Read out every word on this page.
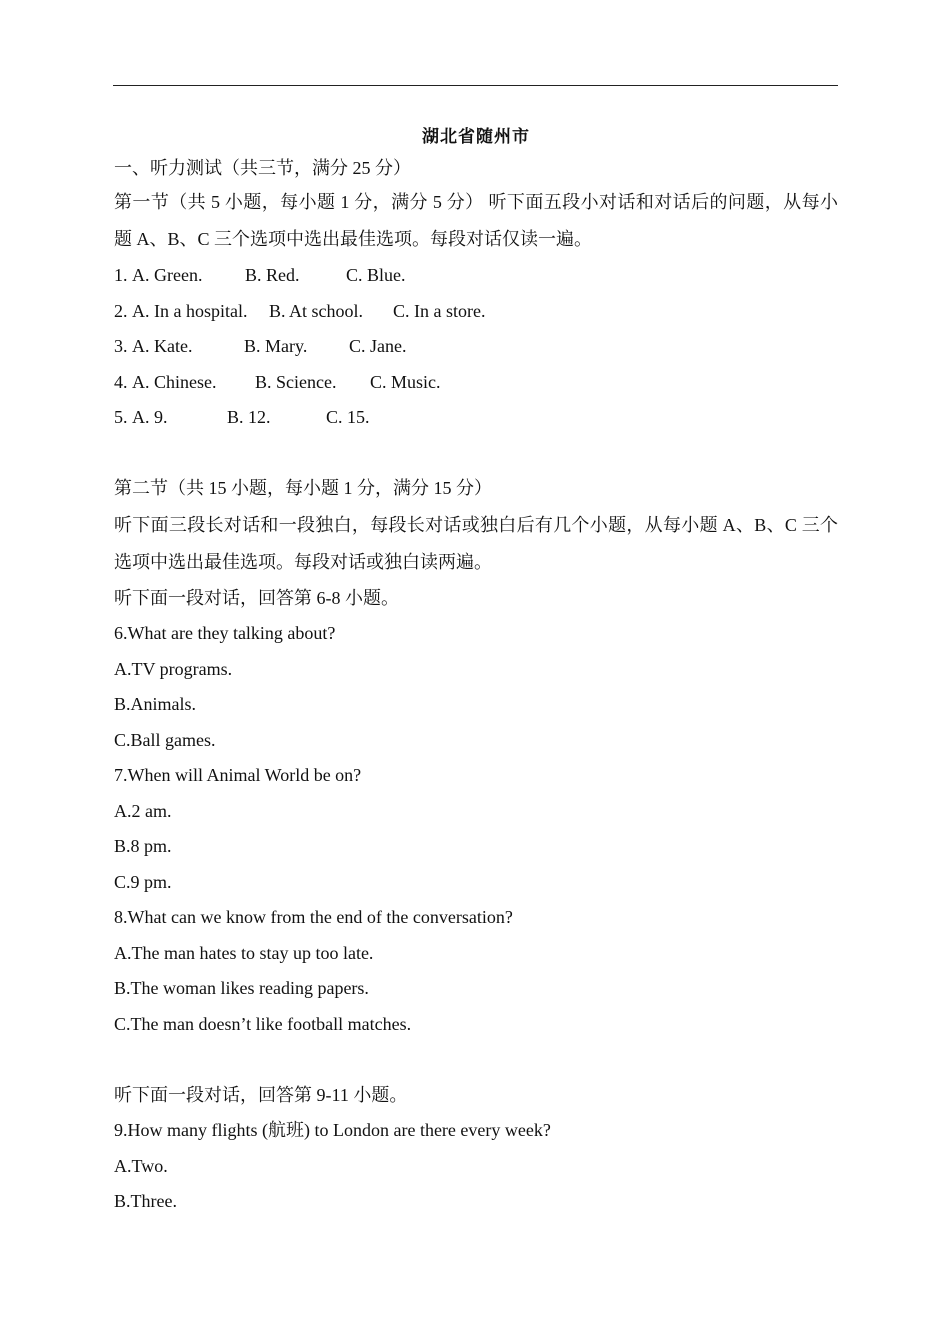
湖北省随州市

一、听力测试（共三节，满分 25 分）

第一节（共 5 小题，每小题 1 分，满分 5 分） 听下面五段小对话和对话后的问题，从每小题 A、B、C 三个选项中选出最佳选项。每段对话仅读一遍。

1. A. Green. B. Red.	C. Blue.

2. A. In a hospital. B. At school. C. In a store.

3. A. Kate.	B. Mary. C. Jane.

4. A. Chinese. B. Science. C. Music.

5. A. 9.	B. 12.	C. 15.

第二节（共 15 小题，每小题 1 分，满分 15 分）

听下面三段长对话和一段独白，每段长对话或独白后有几个小题，从每小题 A、B、C 三个选项中选出最佳选项。每段对话或独白读两遍。

听下面一段对话，回答第 6-8 小题。

6.What are they talking about?

A.TV programs.

B.Animals.

C.Ball games.

7.When will Animal World be on?

A.2 am.

B.8 pm.

C.9 pm.

8.What can we know from the end of the conversation?

A.The man hates to stay up too late.

B.The woman likes reading papers.

C.The man doesn’t like football matches.

听下面一段对话，回答第 9-11 小题。

9.How many flights (航班) to London are there every week?

A.Two.

B.Three.
